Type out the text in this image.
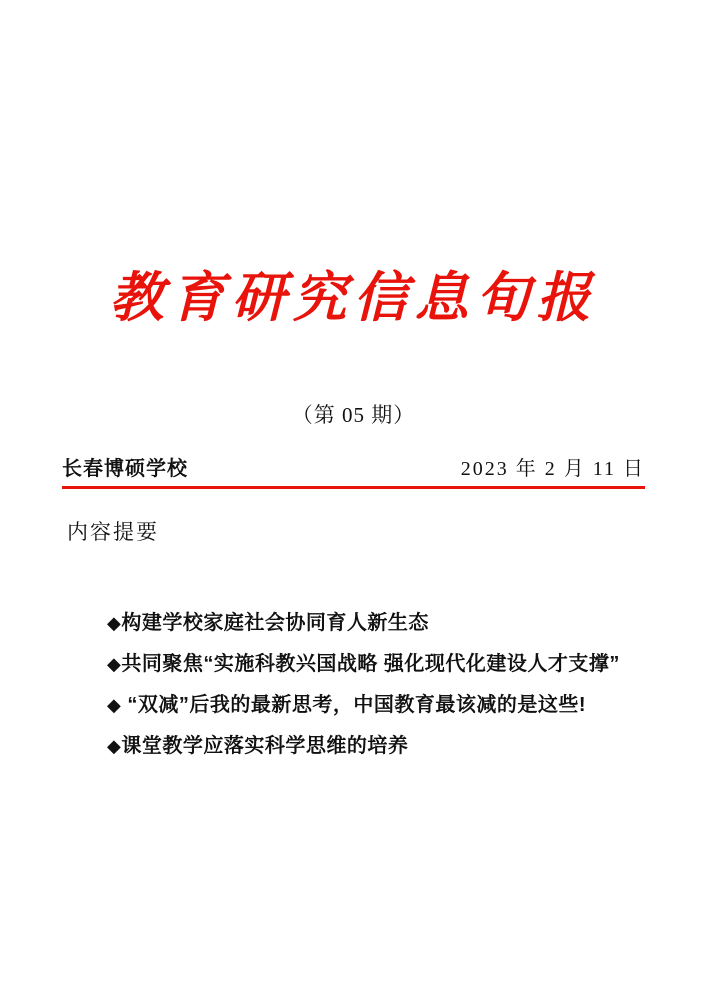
教育研究信息旬报
（第 05 期）
长春博硕学校	2023 年 2 月 11 日
内容提要
◆构建学校家庭社会协同育人新生态
◆共同聚焦“实施科教兴国战略 强化现代化建设人才支撑”
◆ “双减”后我的最新思考，中国教育最该减的是这些!
◆课堂教学应落实科学思维的培养
